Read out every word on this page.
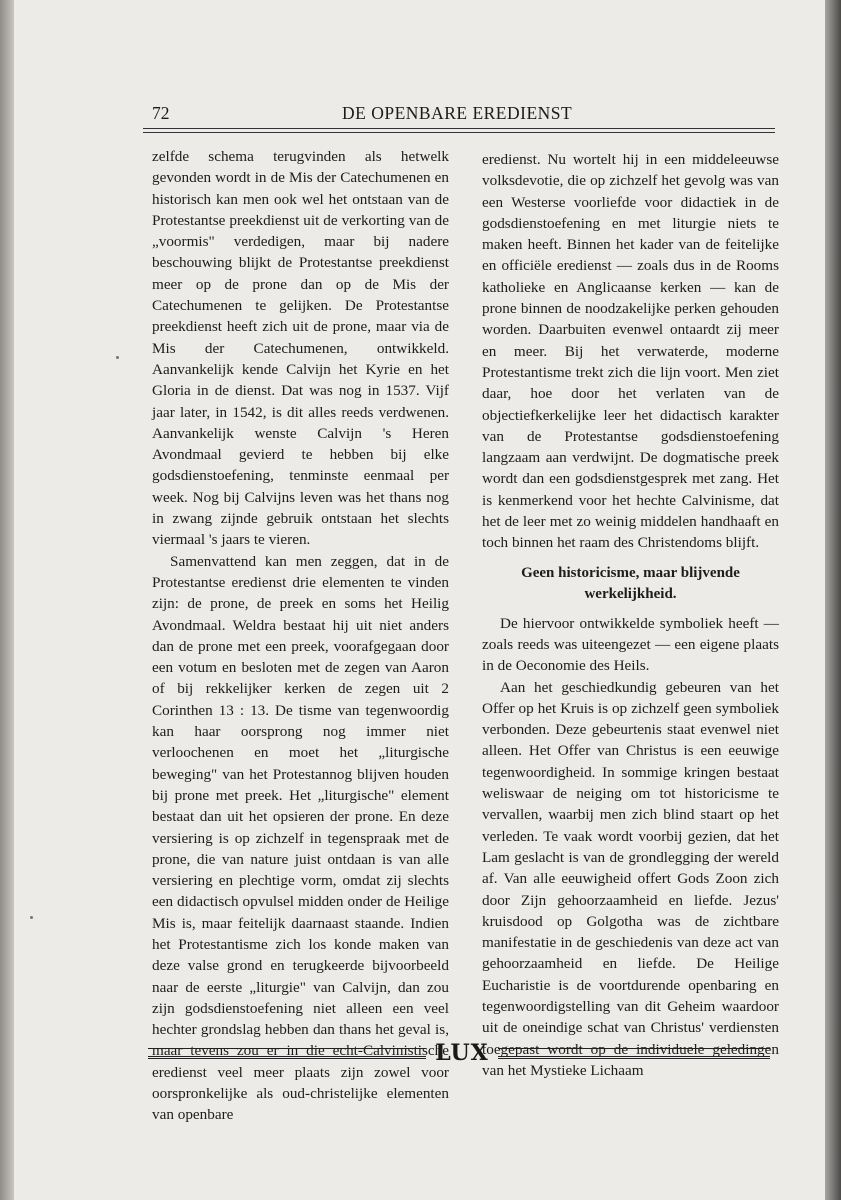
72	DE OPENBARE EREDIENST

zelfde schema terugvinden als hetwelk gevonden wordt in de Mis der Catechumenen en historisch kan men ook wel het ontstaan van de Protestantse preekdienst uit de verkorting van de „voormis" verdedigen, maar bij nadere beschouwing blijkt de Protestantse preekdienst meer op de prone dan op de Mis der Catechumenen te gelijken. De Protestantse preekdienst heeft zich uit de prone, maar via de Mis der Catechumenen, ontwikkeld. Aanvankelijk kende Calvijn het Kyrie en het Gloria in de dienst. Dat was nog in 1537. Vijf jaar later, in 1542, is dit alles reeds verdwenen. Aanvankelijk wenste Calvijn 's Heren Avondmaal gevierd te hebben bij elke godsdienstoefening, tenminste eenmaal per week. Nog bij Calvijns leven was het thans nog in zwang zijnde gebruik ontstaan het slechts viermaal 's jaars te vieren.

Samenvattend kan men zeggen, dat in de Protestantse eredienst drie elementen te vinden zijn: de prone, de preek en soms het Heilig Avondmaal. Weldra bestaat hij uit niet anders dan de prone met een preek, voorafgegaan door een votum en besloten met de zegen van Aaron of bij rekkelijker kerken de zegen uit 2 Corinthen 13 : 13. De tisme van tegenwoordig kan haar oorsprong nog immer niet verloochenen en moet het „liturgische beweging" van het Protestannog blijven houden bij prone met preek. Het „liturgische" element bestaat dan uit het opsieren der prone. En deze versiering is op zichzelf in tegenspraak met de prone, die van nature juist ontdaan is van alle versiering en plechtige vorm, omdat zij slechts een didactisch opvulsel midden onder de Heilige Mis is, maar feitelijk daarnaast staande. Indien het Protestantisme zich los konde maken van deze valse grond en terugkeerde bijvoorbeeld naar de eerste „liturgie" van Calvijn, dan zou zijn godsdienstoefening niet alleen een veel hechter grondslag hebben dan thans het geval is, maar tevens zou er in die echt-Calvinistische eredienst veel meer plaats zijn zowel voor oorspronkelijke als oud-christelijke elementen van openbare

eredienst. Nu wortelt hij in een middeleeuwse volksdevotie, die op zichzelf het gevolg was van een Westerse voorliefde voor didactiek in de godsdienstoefening en met liturgie niets te maken heeft. Binnen het kader van de feitelijke en officiële eredienst — zoals dus in de Rooms katholieke en Anglicaanse kerken — kan de prone binnen de noodzakelijke perken gehouden worden. Daarbuiten evenwel ontaardt zij meer en meer. Bij het verwaterde, moderne Protestantisme trekt zich die lijn voort. Men ziet daar, hoe door het verlaten van de objectiefkerkelijke leer het didactisch karakter van de Protestantse godsdienstoefening langzaam aan verdwijnt. De dogmatische preek wordt dan een godsdienstgesprek met zang. Het is kenmerkend voor het hechte Calvinisme, dat het de leer met zo weinig middelen handhaaft en toch binnen het raam des Christendoms blijft.

Geen historicisme, maar blijvende werkelijkheid.

De hiervoor ontwikkelde symboliek heeft — zoals reeds was uiteengezet — een eigene plaats in de Oeconomie des Heils.

Aan het geschiedkundig gebeuren van het Offer op het Kruis is op zichzelf geen symboliek verbonden. Deze gebeurtenis staat evenwel niet alleen. Het Offer van Christus is een eeuwige tegenwoordigheid. In sommige kringen bestaat weliswaar de neiging om tot historicisme te vervallen, waarbij men zich blind staart op het verleden. Te vaak wordt voorbij gezien, dat het Lam geslacht is van de grondlegging der wereld af. Van alle eeuwigheid offert Gods Zoon zich door Zijn gehoorzaamheid en liefde. Jezus' kruisdood op Golgotha was de zichtbare manifestatie in de geschiedenis van deze act van gehoorzaamheid en liefde. De Heilige Eucharistie is de voortdurende openbaring en tegenwoordigstelling van dit Geheim waardoor uit de oneindige schat van Christus' verdiensten toegepast wordt op de individuele geledingen van het Mystieke Lichaam

LUX
